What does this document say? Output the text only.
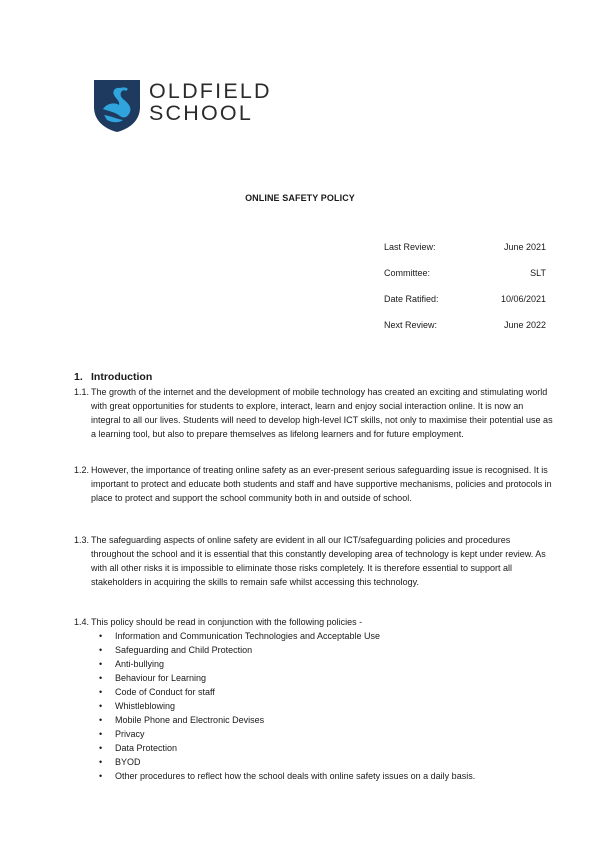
OLDFIELD
SCHOOL
ONLINE SAFETY POLICY
Last Review:	June 2021
Committee:	SLT
Date Ratified:	10/06/2021
Next Review:	June 2022
1. Introduction
1.1. The growth of the internet and the development of mobile technology has created an exciting and stimulating world with great opportunities for students to explore, interact, learn and enjoy social interaction online. It is now an integral to all our lives. Students will need to develop high-level ICT skills, not only to maximise their potential use as a learning tool, but also to prepare themselves as lifelong learners and for future employment.
1.2. However, the importance of treating online safety as an ever-present serious safeguarding issue is recognised. It is important to protect and educate both students and staff and have supportive mechanisms, policies and protocols in place to protect and support the school community both in and outside of school.
1.3. The safeguarding aspects of online safety are evident in all our ICT/safeguarding policies and procedures throughout the school and it is essential that this constantly developing area of technology is kept under review. As with all other risks it is impossible to eliminate those risks completely. It is therefore essential to support all stakeholders in acquiring the skills to remain safe whilst accessing this technology.
1.4. This policy should be read in conjunction with the following policies -
• Information and Communication Technologies and Acceptable Use
• Safeguarding and Child Protection
• Anti-bullying
• Behaviour for Learning
• Code of Conduct for staff
• Whistleblowing
• Mobile Phone and Electronic Devises
• Privacy
• Data Protection
• BYOD
• Other procedures to reflect how the school deals with online safety issues on a daily basis.
